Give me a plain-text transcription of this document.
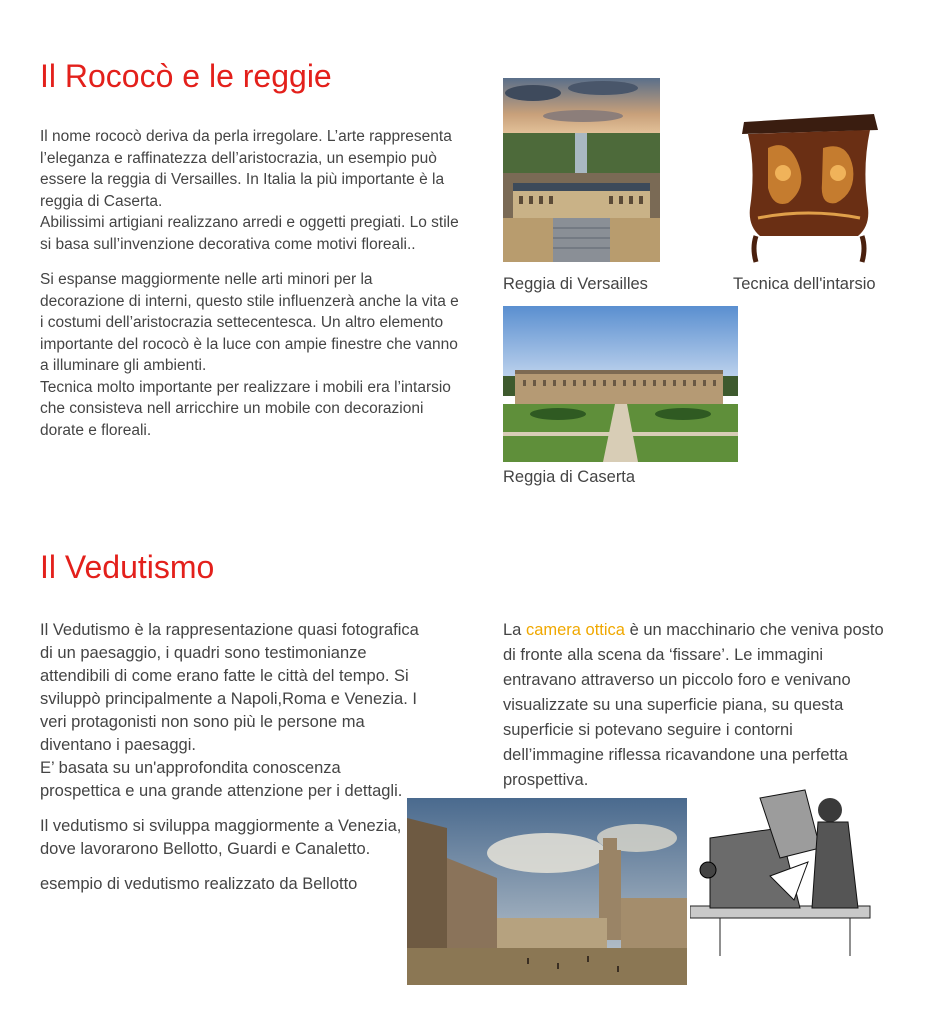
Il Rococò e le reggie

Il nome rococò deriva da perla irregolare. L’arte rappresenta l’eleganza e raffinatezza dell’aristocrazia, un esempio può essere la reggia di Versailles. In Italia la più importante è la reggia di Caserta.

Abilissimi artigiani realizzano arredi e oggetti pregiati. Lo stile si basa sull’invenzione decorativa come motivi floreali..

Si espanse maggiormente nelle arti minori per la decorazione di interni, questo stile influenzerà anche la vita e i costumi dell’aristocrazia settecentesca. Un altro elemento importante del rococò è la luce con ampie finestre che vanno a illuminare gli ambienti.

Tecnica molto importante per realizzare i mobili era l’intarsio che consisteva nell arricchire un mobile con decorazioni dorate e floreali.

Reggia di Versailles	Tecnica dell'intarsio
Reggia di Caserta
Il Vedutismo

Il Vedutismo è la rappresentazione quasi fotografica di un paesaggio, i quadri sono testimonianze attendibili di come erano fatte le città del tempo. Si sviluppò principalmente a Napoli,Roma e Venezia. I veri protagonisti non sono più le persone ma diventano i paesaggi.

E’ basata su un'approfondita conoscenza prospettica e una grande attenzione per i dettagli.

Il vedutismo si sviluppa maggiormente a Venezia, dove lavorarono Bellotto, Guardi e Canaletto.

esempio di vedutismo realizzato da Bellotto

La camera ottica è un macchinario che veniva posto di fronte alla scena da ‘fissare’. Le immagini entravano attraverso un piccolo foro e venivano visualizzate su una superficie piana, su questa superficie si potevano seguire i contorni dell’immagine riflessa ricavandone una perfetta prospettiva.
